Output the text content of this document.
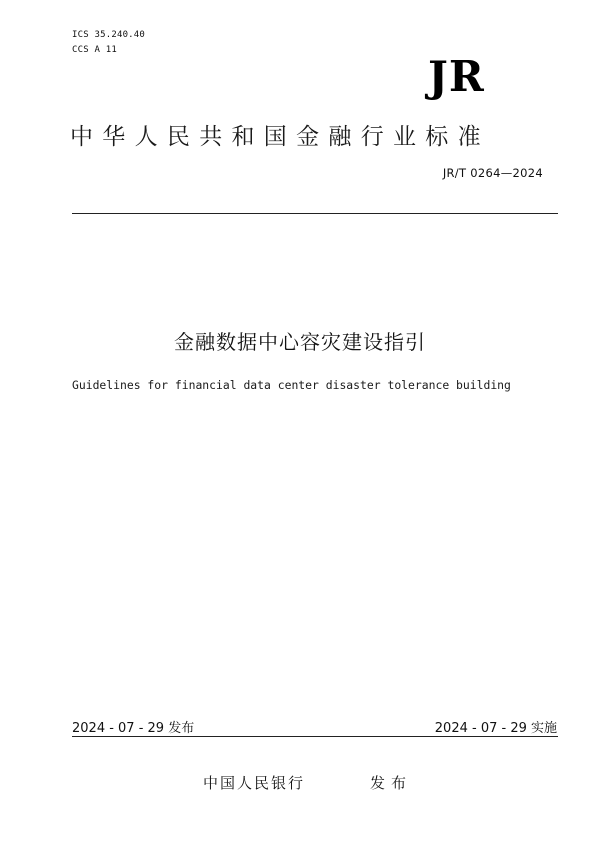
ICS 35.240.40
CCS A 11
JR
中华人民共和国金融行业标准
JR/T 0264—2024
金融数据中心容灾建设指引
Guidelines for financial data center disaster tolerance building
2024 - 07 - 29 发布	2024 - 07 - 29 实施
中国人民银行	发布
